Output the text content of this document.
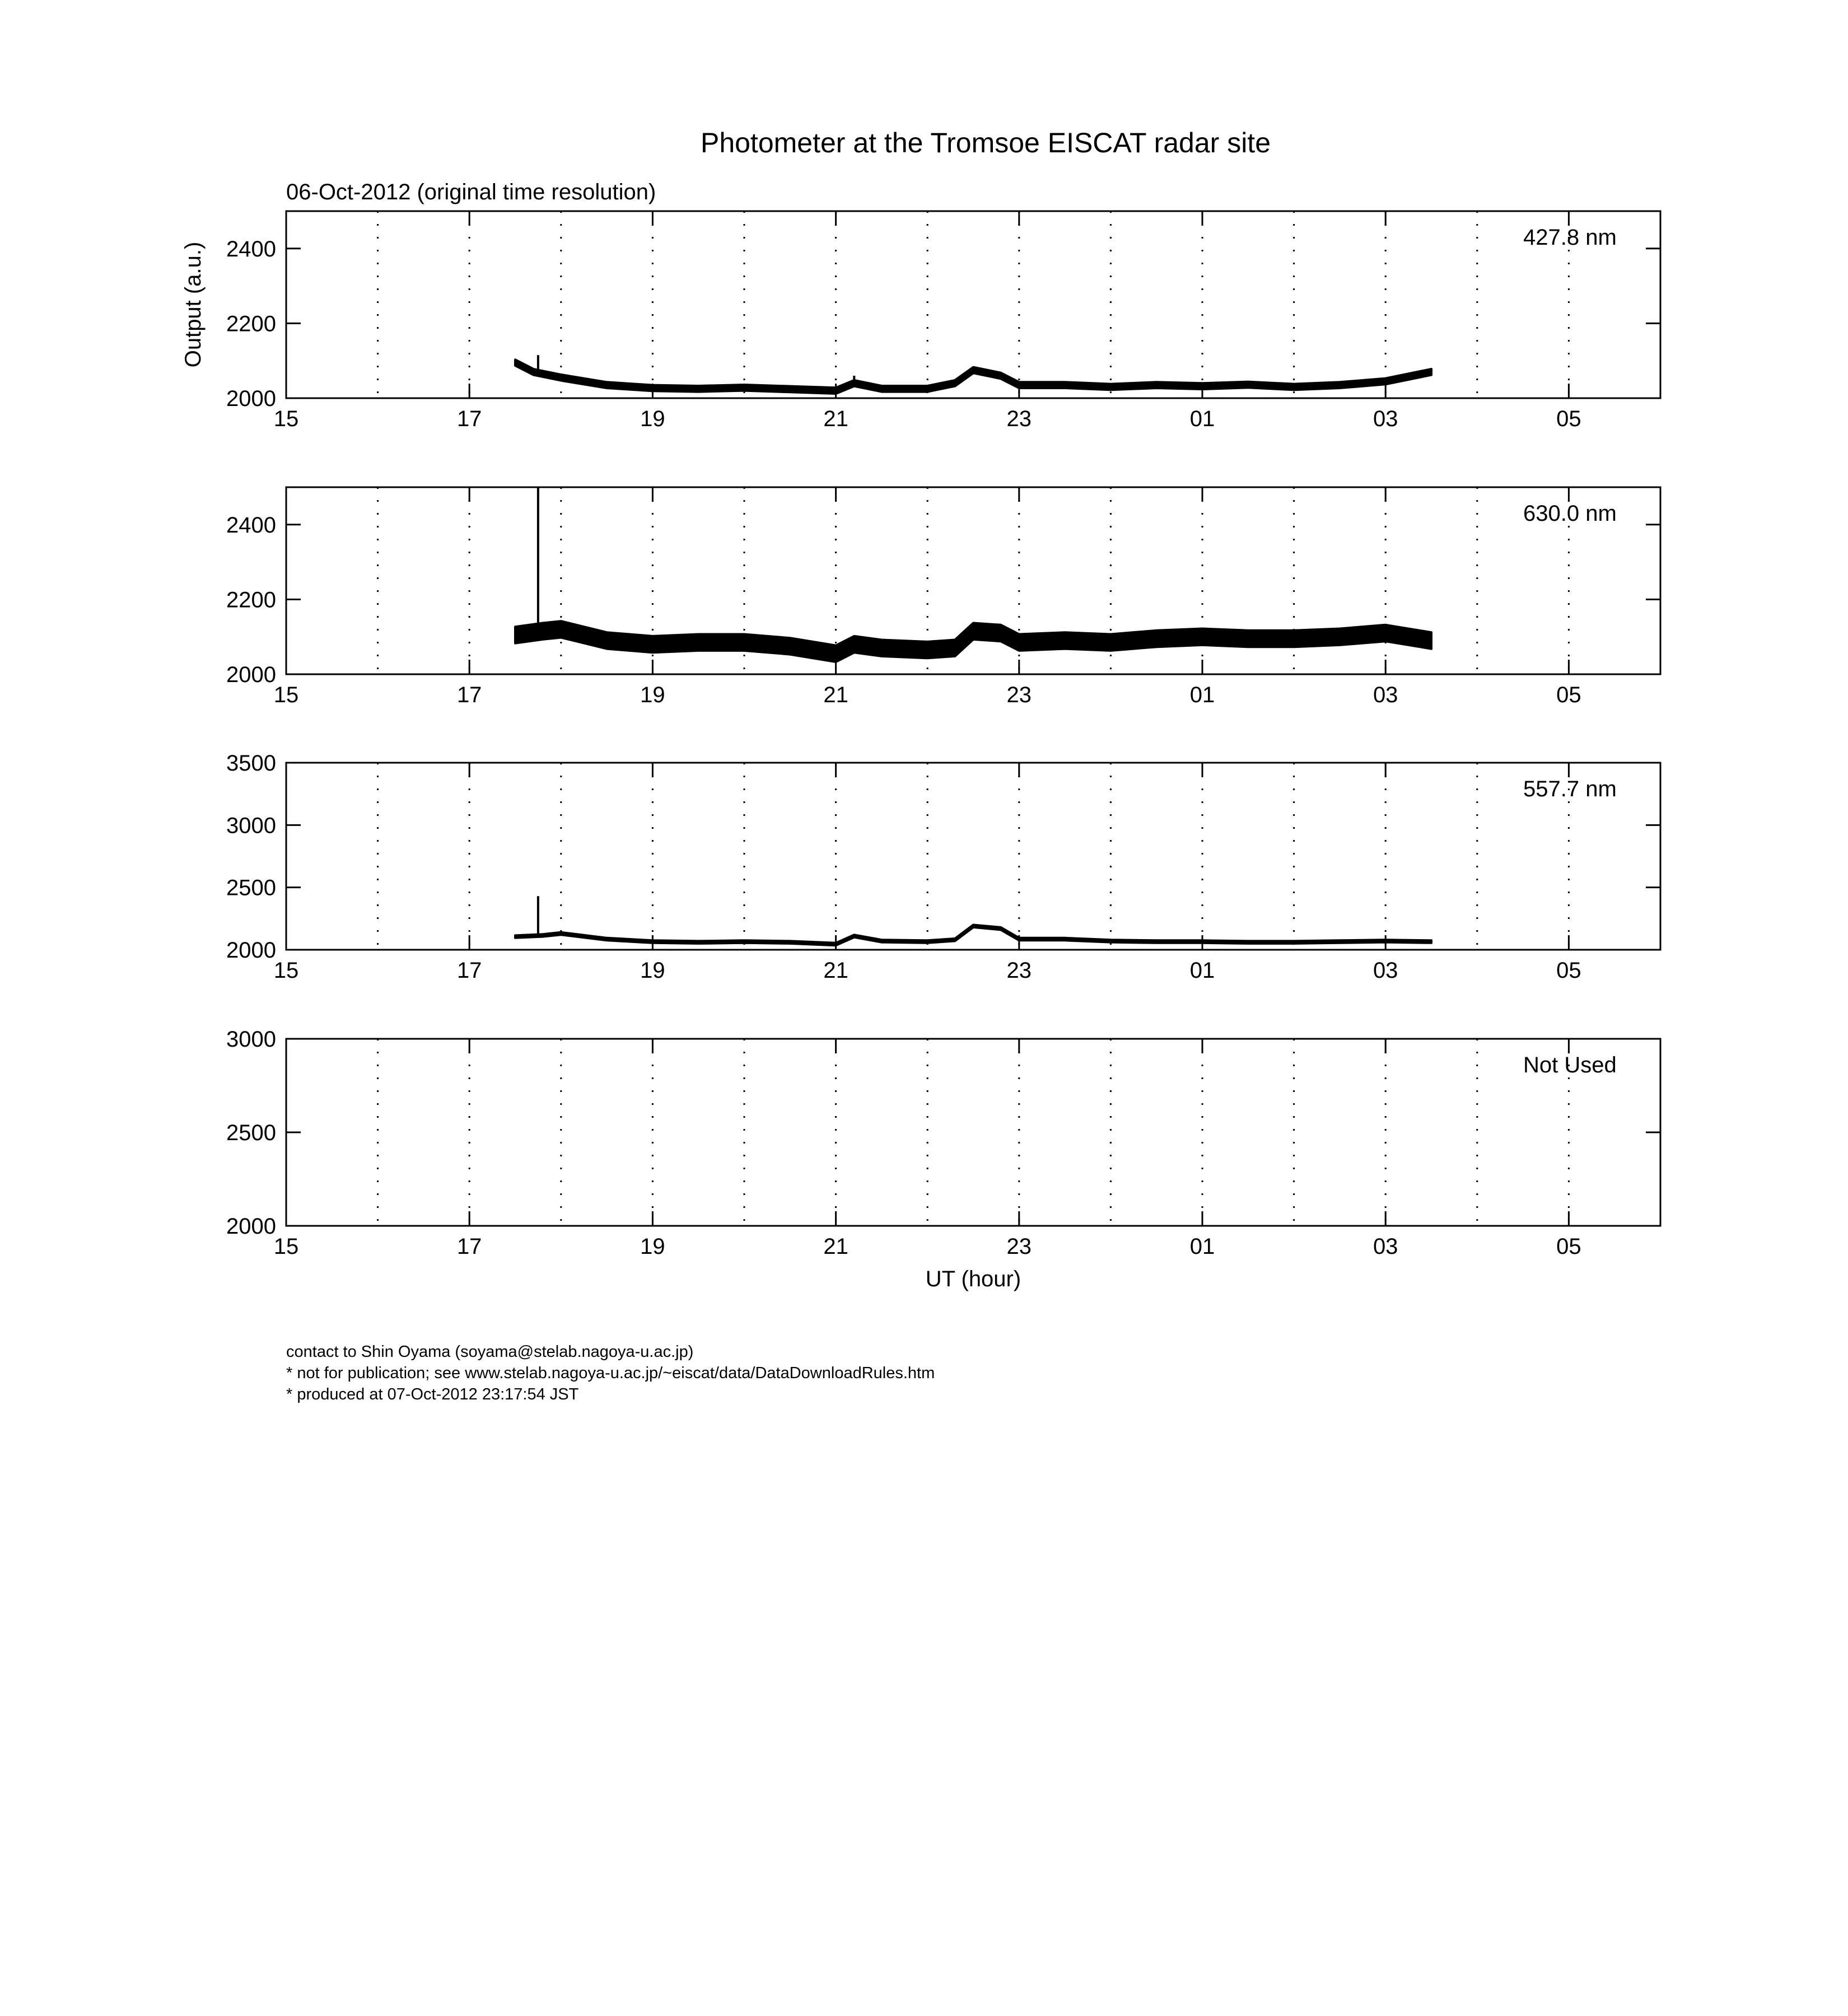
Photometer at the Tromsoe EISCAT radar site
06-Oct-2012 (original time resolution)
15	17	19	21	23	01	03	05
2000
2200
2400	427.8 nm
Output (a.u.)
15	17	19	21	23	01	03	05
2000
2200
2400	630.0 nm
15	17	19	21	23	01	03	05
2000
2500
3000
3500
557.7 nm
15	17	19	21	23	01	03	05
2000
2500
3000
Not Used
UT (hour)
contact to Shin Oyama (soyama@stelab.nagoya-u.ac.jp)
* not for publication; see www.stelab.nagoya-u.ac.jp/~eiscat/data/DataDownloadRules.htm
* produced at 07-Oct-2012 23:17:54 JST
